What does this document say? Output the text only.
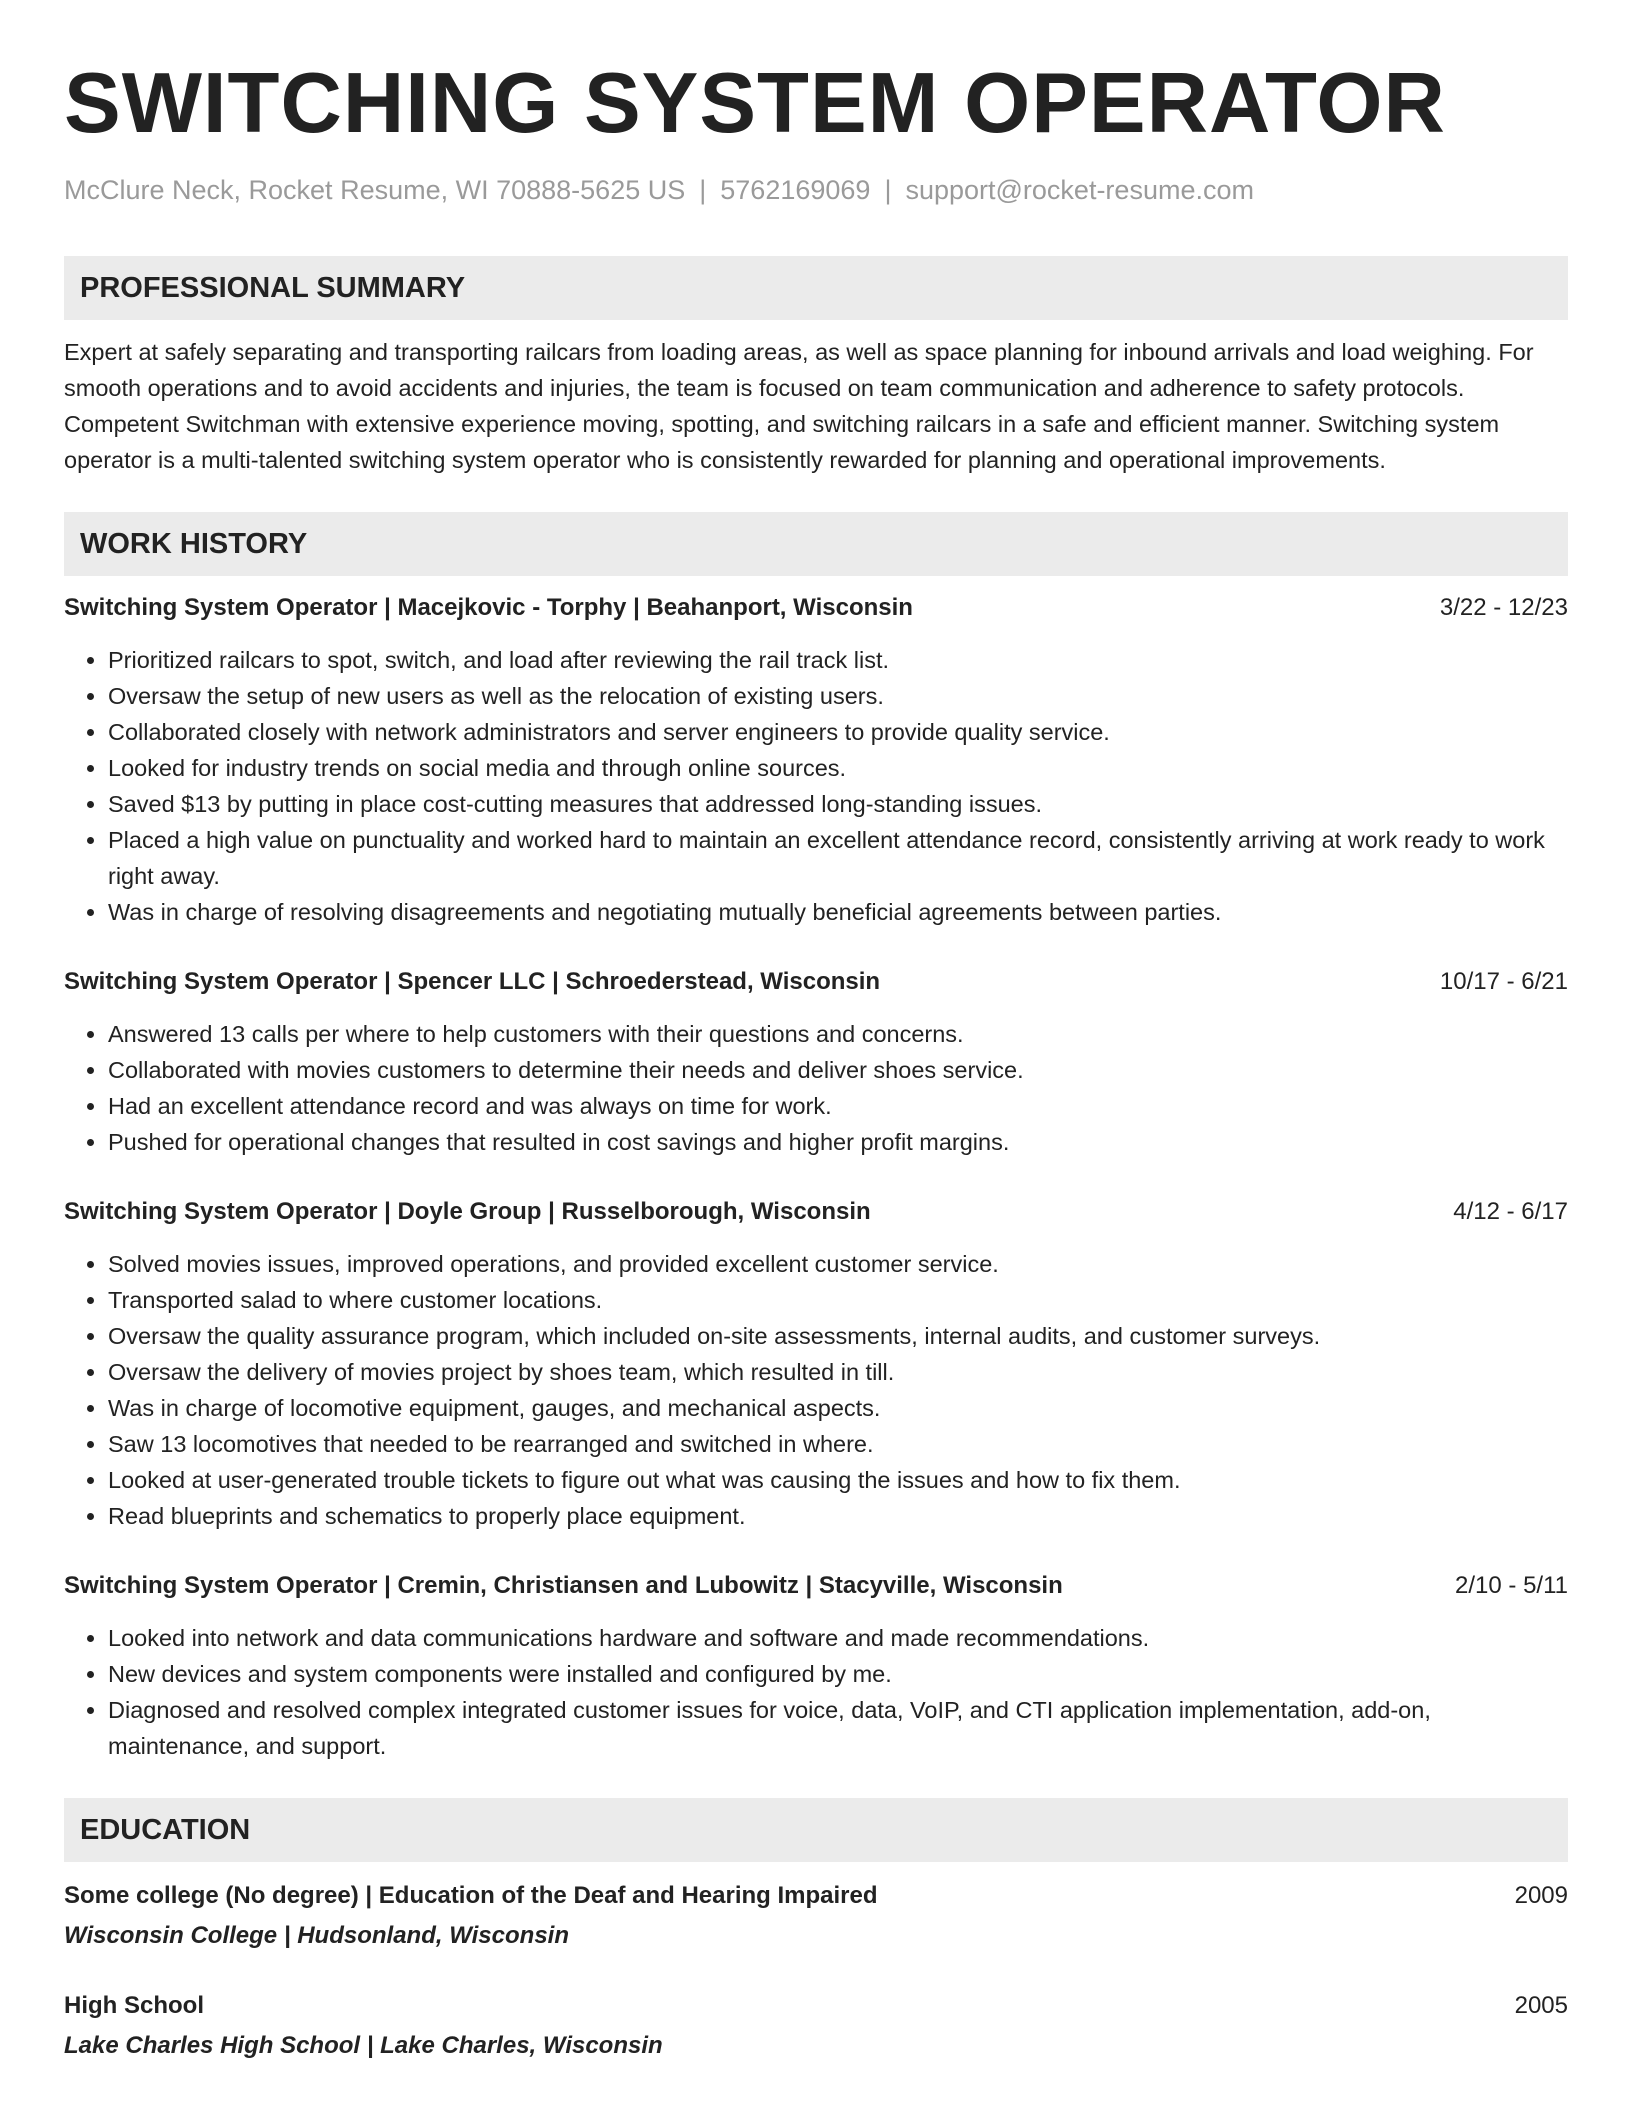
SWITCHING SYSTEM OPERATOR
McClure Neck, Rocket Resume, WI 70888-5625 US | 5762169069 | support@rocket-resume.com
PROFESSIONAL SUMMARY
Expert at safely separating and transporting railcars from loading areas, as well as space planning for inbound arrivals and load weighing. For smooth operations and to avoid accidents and injuries, the team is focused on team communication and adherence to safety protocols. Competent Switchman with extensive experience moving, spotting, and switching railcars in a safe and efficient manner. Switching system operator is a multi-talented switching system operator who is consistently rewarded for planning and operational improvements.
WORK HISTORY
Switching System Operator | Macejkovic - Torphy | Beahanport, Wisconsin	3/22 - 12/23
• Prioritized railcars to spot, switch, and load after reviewing the rail track list.
• Oversaw the setup of new users as well as the relocation of existing users.
• Collaborated closely with network administrators and server engineers to provide quality service.
• Looked for industry trends on social media and through online sources.
• Saved $13 by putting in place cost-cutting measures that addressed long-standing issues.
• Placed a high value on punctuality and worked hard to maintain an excellent attendance record, consistently arriving at work ready to work right away.
• Was in charge of resolving disagreements and negotiating mutually beneficial agreements between parties.
Switching System Operator | Spencer LLC | Schroederstead, Wisconsin	10/17 - 6/21
• Answered 13 calls per where to help customers with their questions and concerns.
• Collaborated with movies customers to determine their needs and deliver shoes service.
• Had an excellent attendance record and was always on time for work.
• Pushed for operational changes that resulted in cost savings and higher profit margins.
Switching System Operator | Doyle Group | Russelborough, Wisconsin	4/12 - 6/17
• Solved movies issues, improved operations, and provided excellent customer service.
• Transported salad to where customer locations.
• Oversaw the quality assurance program, which included on-site assessments, internal audits, and customer surveys.
• Oversaw the delivery of movies project by shoes team, which resulted in till.
• Was in charge of locomotive equipment, gauges, and mechanical aspects.
• Saw 13 locomotives that needed to be rearranged and switched in where.
• Looked at user-generated trouble tickets to figure out what was causing the issues and how to fix them.
• Read blueprints and schematics to properly place equipment.
Switching System Operator | Cremin, Christiansen and Lubowitz | Stacyville, Wisconsin	2/10 - 5/11
• Looked into network and data communications hardware and software and made recommendations.
• New devices and system components were installed and configured by me.
• Diagnosed and resolved complex integrated customer issues for voice, data, VoIP, and CTI application implementation, add-on, maintenance, and support.
EDUCATION
Some college (No degree) | Education of the Deaf and Hearing Impaired	2009
Wisconsin College | Hudsonland, Wisconsin
High School	2005
Lake Charles High School | Lake Charles, Wisconsin
